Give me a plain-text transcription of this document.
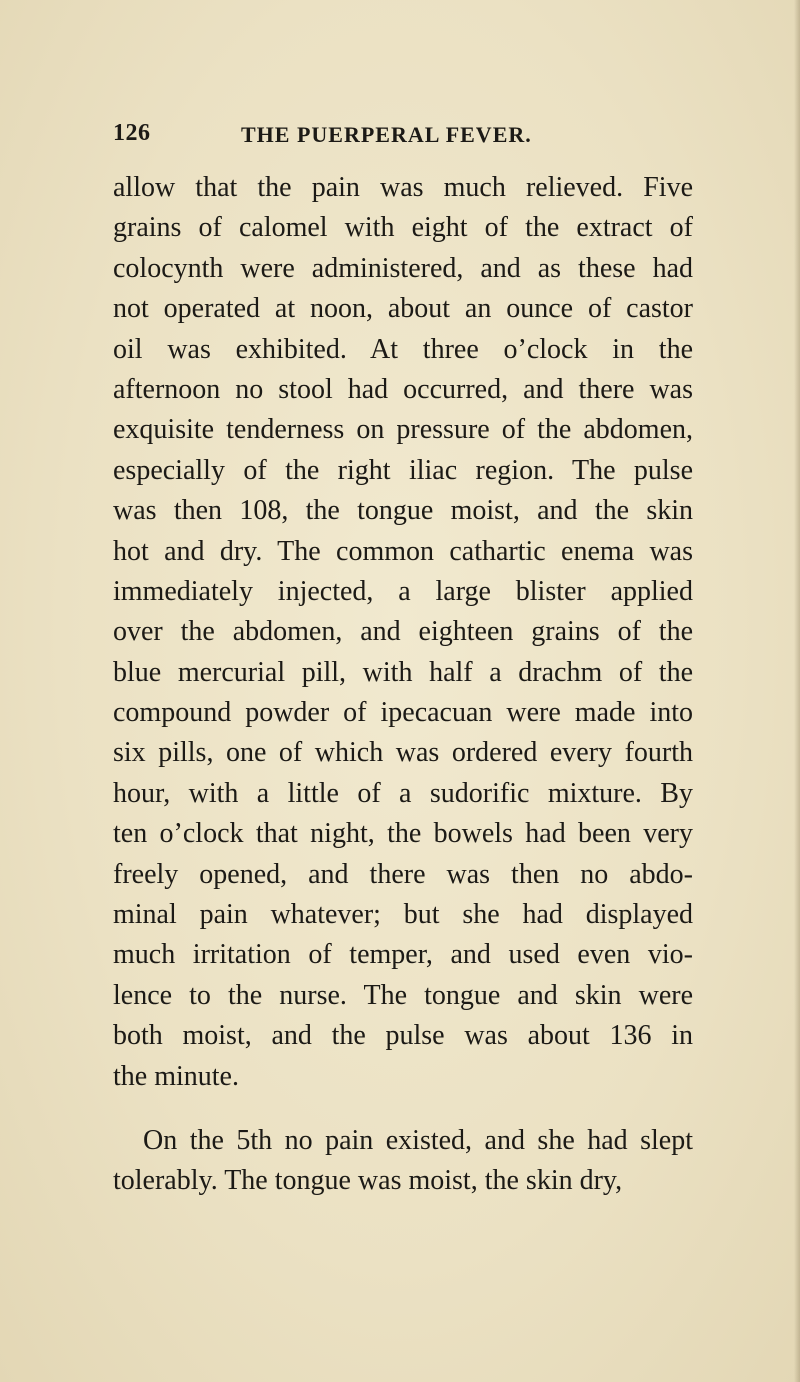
126	THE PUERPERAL FEVER.
allow that the pain was much relieved. Five
grains of calomel with eight of the extract of
colocynth were administered, and as these had
not operated at noon, about an ounce of castor
oil was exhibited. At three o’clock in the
afternoon no stool had occurred, and there was
exquisite tenderness on pressure of the abdomen,
especially of the right iliac region. The pulse
was then 108, the tongue moist, and the skin
hot and dry. The common cathartic enema was
immediately injected, a large blister applied
over the abdomen, and eighteen grains of the
blue mercurial pill, with half a drachm of the
compound powder of ipecacuan were made into
six pills, one of which was ordered every fourth
hour, with a little of a sudorific mixture. By
ten o’clock that night, the bowels had been very
freely opened, and there was then no abdo-
minal pain whatever; but she had displayed
much irritation of temper, and used even vio-
lence to the nurse. The tongue and skin were
both moist, and the pulse was about 136 in
the minute.
On the 5th no pain existed, and she had slept
tolerably. The tongue was moist, the skin dry,
